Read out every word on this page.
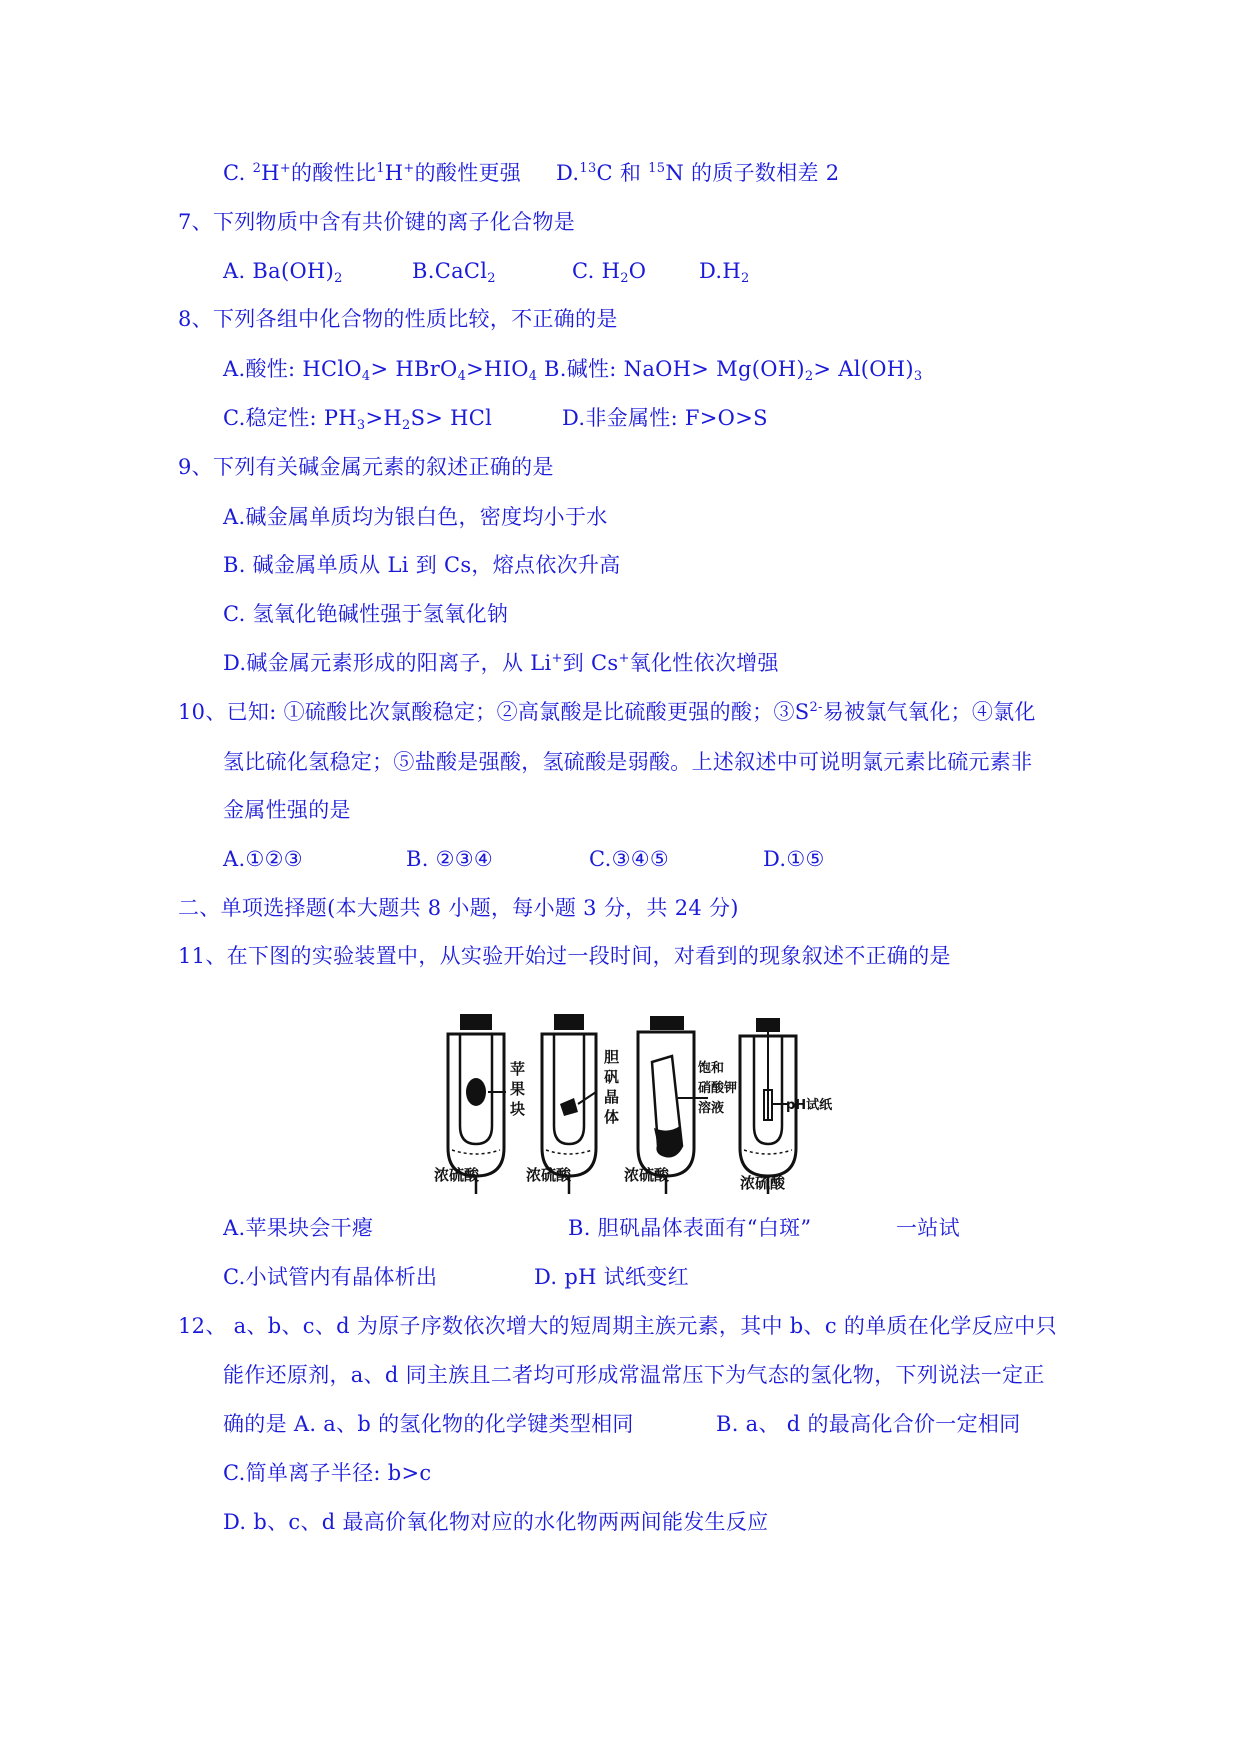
C. $^2$H+的酸性比$^1$H+的酸性更强 D.$^{13}$C 和 $^{15}$N 的质子数相差 2
7、下列物质中含有共价键的离子化合物是
A. $Ba(OH)_2$	B.CaCl$_2$	C. $H_2O$	$D.H_2$
8、下列各组中化合物的性质比较，不正确的是
A.酸性: HClO$_4$> $HBrO_4>HIO_4$ B.碱性: NaOH> $Mg(OH)_2> Al(OH)_3$
C.稳定性: $PH_3>H_2S>$ HCl	D.非金属性: F>O>S
9、下列有关碱金属元素的叙述正确的是
A.碱金属单质均为银白色，密度均小于水
B. 碱金属单质从 Li 到 Cs，熔点依次升高
C. 氢氧化铯碱性强于氢氧化钠
D.碱金属元素形成的阳离子，从 Li+到 Cs+氧化性依次增强
10、已知: ①硫酸比次氯酸稳定；②高氯酸是比硫酸更强的酸；$③S^{2-}$易被氯气氧化；④氯化
氢比硫化氢稳定；⑤盐酸是强酸，氢硫酸是弱酸。上述叙述中可说明氯元素比硫元素非
金属性强的是
A.①②③	B. ②③④	C.③④⑤	D.①⑤
二、单项选择题(本大题共 8 小题，每小题 3 分，共 24 分)
11、在下图的实验装置中，从实验开始过一段时间，对看到的现象叙述不正确的是
苹
果
块
胆
矾
晶
体
饱和
硝酸钾
溶液	pH试纸
浓硫酸	浓硫酸	浓硫酸	浓硫酸
A.苹果块会干瘪	B. 胆矾晶体表面有“白斑”	一站试
C.小试管内有晶体析出	D. pH 试纸变红
12、 a、b、c、d 为原子序数依次增大的短周期主族元素，其中 b、c 的单质在化学反应中只
能作还原剂，a、d 同主族且二者均可形成常温常压下为气态的氢化物，下列说法一定正
确的是 A. a、b 的氢化物的化学键类型相同	B. a、 d 的最高化合价一定相同
C.简单离子半径: b>c
D. b、c、d 最高价氧化物对应的水化物两两间能发生反应
